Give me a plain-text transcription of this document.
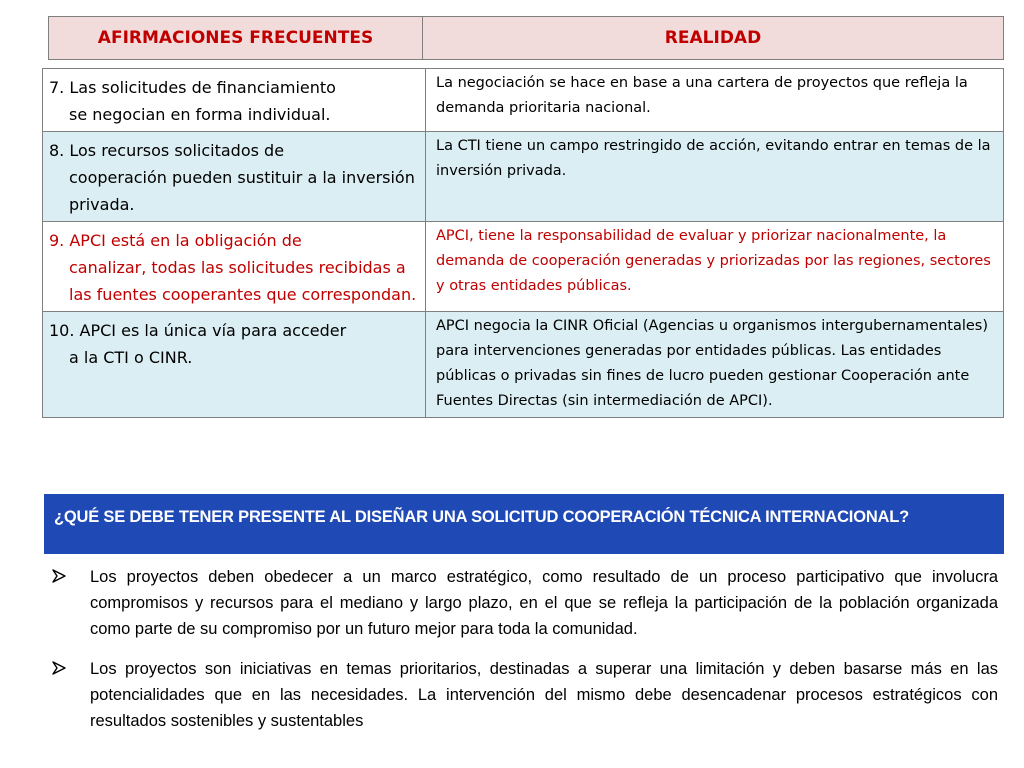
AFIRMACIONES FRECUENTES	REALIDAD
7. Las solicitudes de financiamiento
se negocian en forma individual.	La negociación se hace en base a una cartera de proyectos que refleja la demanda prioritaria nacional.

8. Los recursos solicitados de
cooperación pueden sustituir a la inversión privada.	La CTI tiene un campo restringido de acción, evitando entrar en temas de la inversión privada.

9. APCI está en la obligación de
canalizar, todas las solicitudes recibidas a las fuentes cooperantes que correspondan.	APCI, tiene la responsabilidad de evaluar y priorizar nacionalmente, la demanda de cooperación generadas y priorizadas por las regiones, sectores y otras entidades públicas.

10. APCI es la única vía para acceder
a la CTI o CINR.	APCI negocia la CINR Oficial (Agencias u organismos intergubernamentales) para intervenciones generadas por entidades públicas. Las entidades públicas o privadas sin fines de lucro pueden gestionar Cooperación ante Fuentes Directas (sin intermediación de APCI).
¿QUÉ SE DEBE TENER PRESENTE AL DISEÑAR UNA SOLICITUD COOPERACIÓN TÉCNICA INTERNACIONAL?
Los proyectos deben obedecer a un marco estratégico, como resultado de un proceso participativo que involucra compromisos y recursos para el mediano y largo plazo, en el que se refleja la participación de la población organizada como parte de su compromiso por un futuro mejor para toda la comunidad.
Los proyectos son iniciativas en temas prioritarios, destinadas a superar una limitación y deben basarse más en las potencialidades que en las necesidades. La intervención del mismo debe desencadenar procesos estratégicos con resultados sostenibles y sustentables
